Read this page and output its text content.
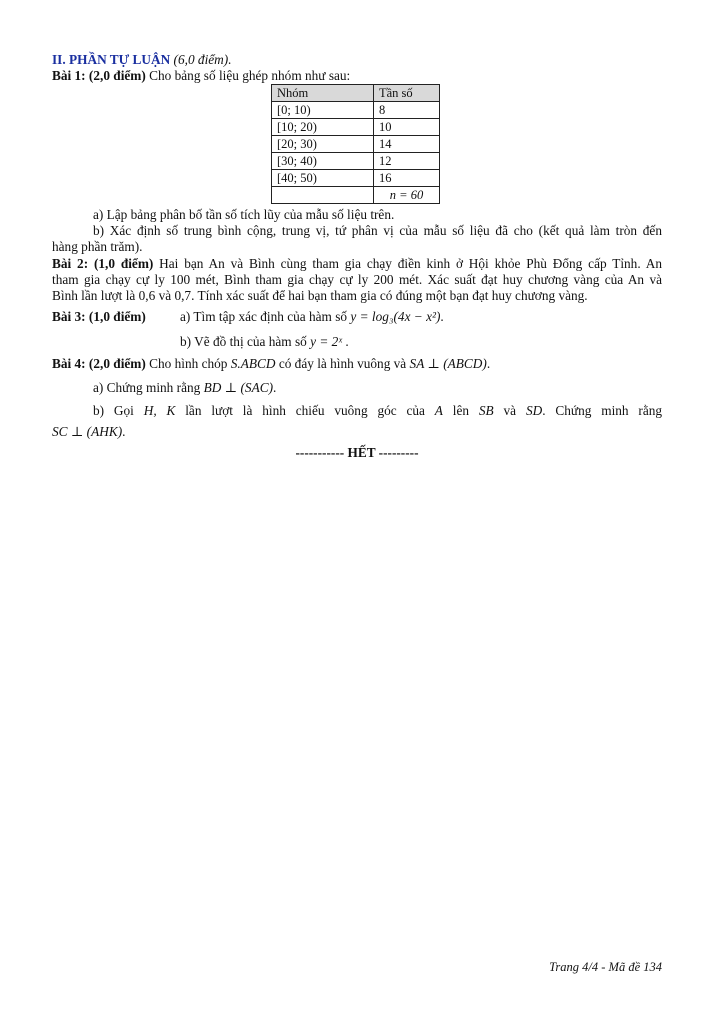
II. PHẦN TỰ LUẬN (6,0 điểm).
Bài 1: (2,0 điểm) Cho bảng số liệu ghép nhóm như sau:
Nhóm	Tần số
[0; 10)	8
[10; 20)	10
[20; 30)	14
[30; 40)	12
[40; 50)	16
	n = 60
a) Lập bảng phân bố tần số tích lũy của mẫu số liệu trên.
b) Xác định số trung bình cộng, trung vị, tứ phân vị của mẫu số liệu đã cho (kết quả làm tròn đến
hàng phần trăm).
Bài 2: (1,0 điểm) Hai bạn An và Bình cùng tham gia chạy điền kinh ở Hội khỏe Phù Đổng cấp Tỉnh. An
tham gia chạy cự ly 100 mét, Bình tham gia chạy cự ly 200 mét. Xác suất đạt huy chương vàng của An và
Bình lần lượt là 0,6 và 0,7. Tính xác suất để hai bạn tham gia có đúng một bạn đạt huy chương vàng.
Bài 3: (1,0 điểm)	a) Tìm tập xác định của hàm số y = log₃(4x − x²).
b) Vẽ đồ thị của hàm số y = 2ˣ .
Bài 4: (2,0 điểm) Cho hình chóp S.ABCD có đáy là hình vuông và SA ⊥ (ABCD).
a) Chứng minh rằng BD ⊥ (SAC).
b) Gọi H, K lần lượt là hình chiếu vuông góc của A lên SB và SD. Chứng minh rằng
SC ⊥ (AHK).
----------- HẾT ---------
Trang 4/4 - Mã đề 134
